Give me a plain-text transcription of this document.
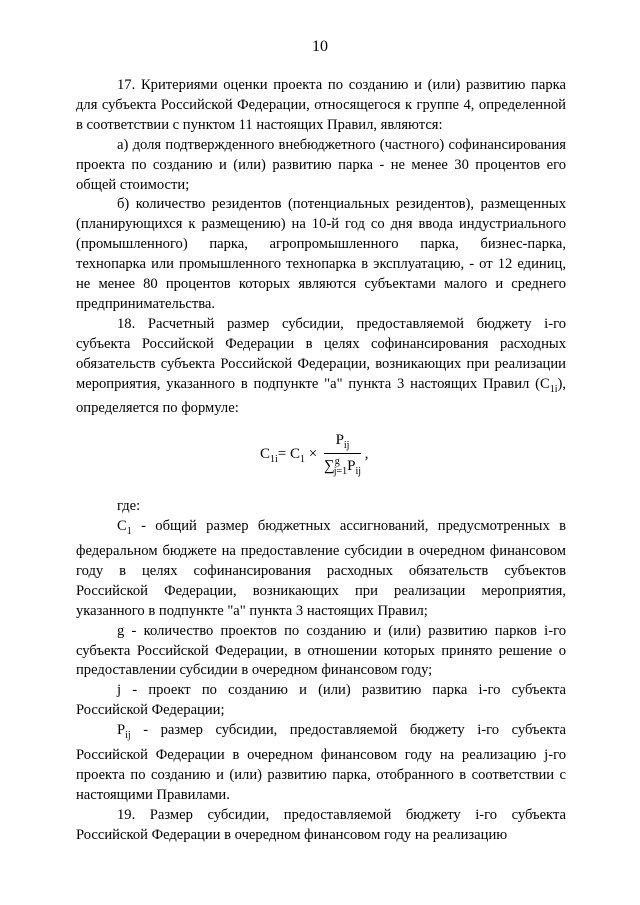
10

17. Критериями оценки проекта по созданию и (или) развитию парка для субъекта Российской Федерации, относящегося к группе 4, определенной в соответствии с пунктом 11 настоящих Правил, являются:

а) доля подтвержденного внебюджетного (частного) софинансирования проекта по созданию и (или) развитию парка - не менее 30 процентов его общей стоимости;

б) количество резидентов (потенциальных резидентов), размещенных (планирующихся к размещению) на 10-й год со дня ввода индустриального (промышленного) парка, агропромышленного парка, бизнес-парка, технопарка или промышленного технопарка в эксплуатацию, - от 12 единиц, не менее 80 процентов которых являются субъектами малого и среднего предпринимательства.

18. Расчетный размер субсидии, предоставляемой бюджету i-го субъекта Российской Федерации в целях софинансирования расходных обязательств субъекта Российской Федерации, возникающих при реализации мероприятия, указанного в подпункте "а" пункта 3 настоящих Правил $(C_{1i})$, определяется по формуле:

$C_{1i}= C_1 \times \frac{P_{ij}}{\sum^g_{j=1}P_{ij}}$ ,

где:

$C_1$ - общий размер бюджетных ассигнований, предусмотренных в федеральном бюджете на предоставление субсидии в очередном финансовом году в целях софинансирования расходных обязательств субъектов Российской Федерации, возникающих при реализации мероприятия, указанного в подпункте "а" пункта 3 настоящих Правил;

g - количество проектов по созданию и (или) развитию парков i-го субъекта Российской Федерации, в отношении которых принято решение о предоставлении субсидии в очередном финансовом году;

j - проект по созданию и (или) развитию парка i-го субъекта Российской Федерации;

$P_{ij}$ - размер субсидии, предоставляемой бюджету i-го субъекта Российской Федерации в очередном финансовом году на реализацию j-го проекта по созданию и (или) развитию парка, отобранного в соответствии с настоящими Правилами.

19. Размер субсидии, предоставляемой бюджету i-го субъекта Российской Федерации в очередном финансовом году на реализацию
